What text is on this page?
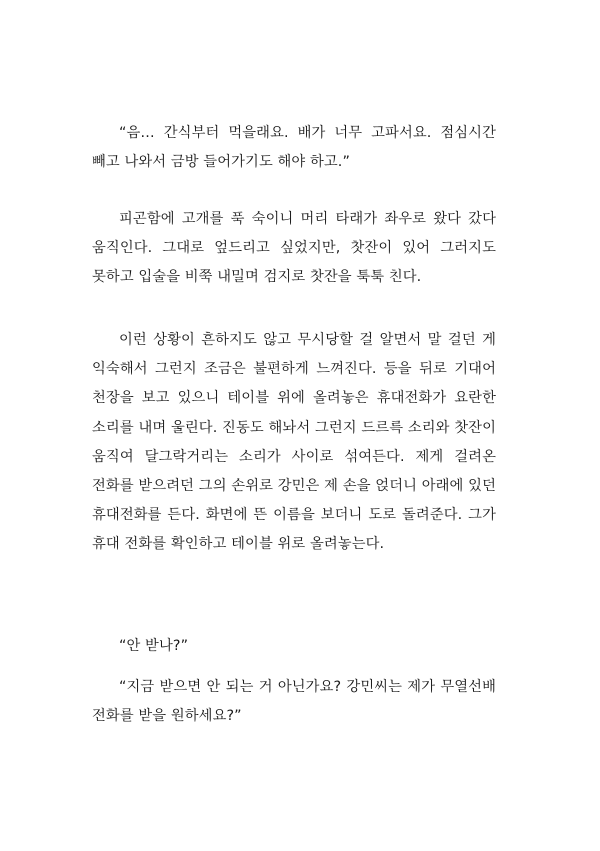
“음… 간식부터 먹을래요. 배가 너무 고파서요. 점심시간 빼고 나와서 금방 들어가기도 해야 하고.”

피곤함에 고개를 푹 숙이니 머리 타래가 좌우로 왔다 갔다 움직인다. 그대로 엎드리고 싶었지만, 찻잔이 있어 그러지도 못하고 입술을 비쭉 내밀며 검지로 찻잔을 툭툭 친다.

이런 상황이 흔하지도 않고 무시당할 걸 알면서 말 걸던 게 익숙해서 그런지 조금은 불편하게 느껴진다. 등을 뒤로 기대어 천장을 보고 있으니 테이블 위에 올려놓은 휴대전화가 요란한 소리를 내며 울린다. 진동도 해놔서 그런지 드르륵 소리와 찻잔이 움직여 달그락거리는 소리가 사이로 섞여든다. 제게 걸려온 전화를 받으려던 그의 손위로 강민은 제 손을 얹더니 아래에 있던 휴대전화를 든다. 화면에 뜬 이름을 보더니 도로 돌려준다. 그가 휴대 전화를 확인하고 테이블 위로 올려놓는다.

“안 받나?”

“지금 받으면 안 되는 거 아닌가요? 강민씨는 제가 무열선배 전화를 받을 원하세요?”
